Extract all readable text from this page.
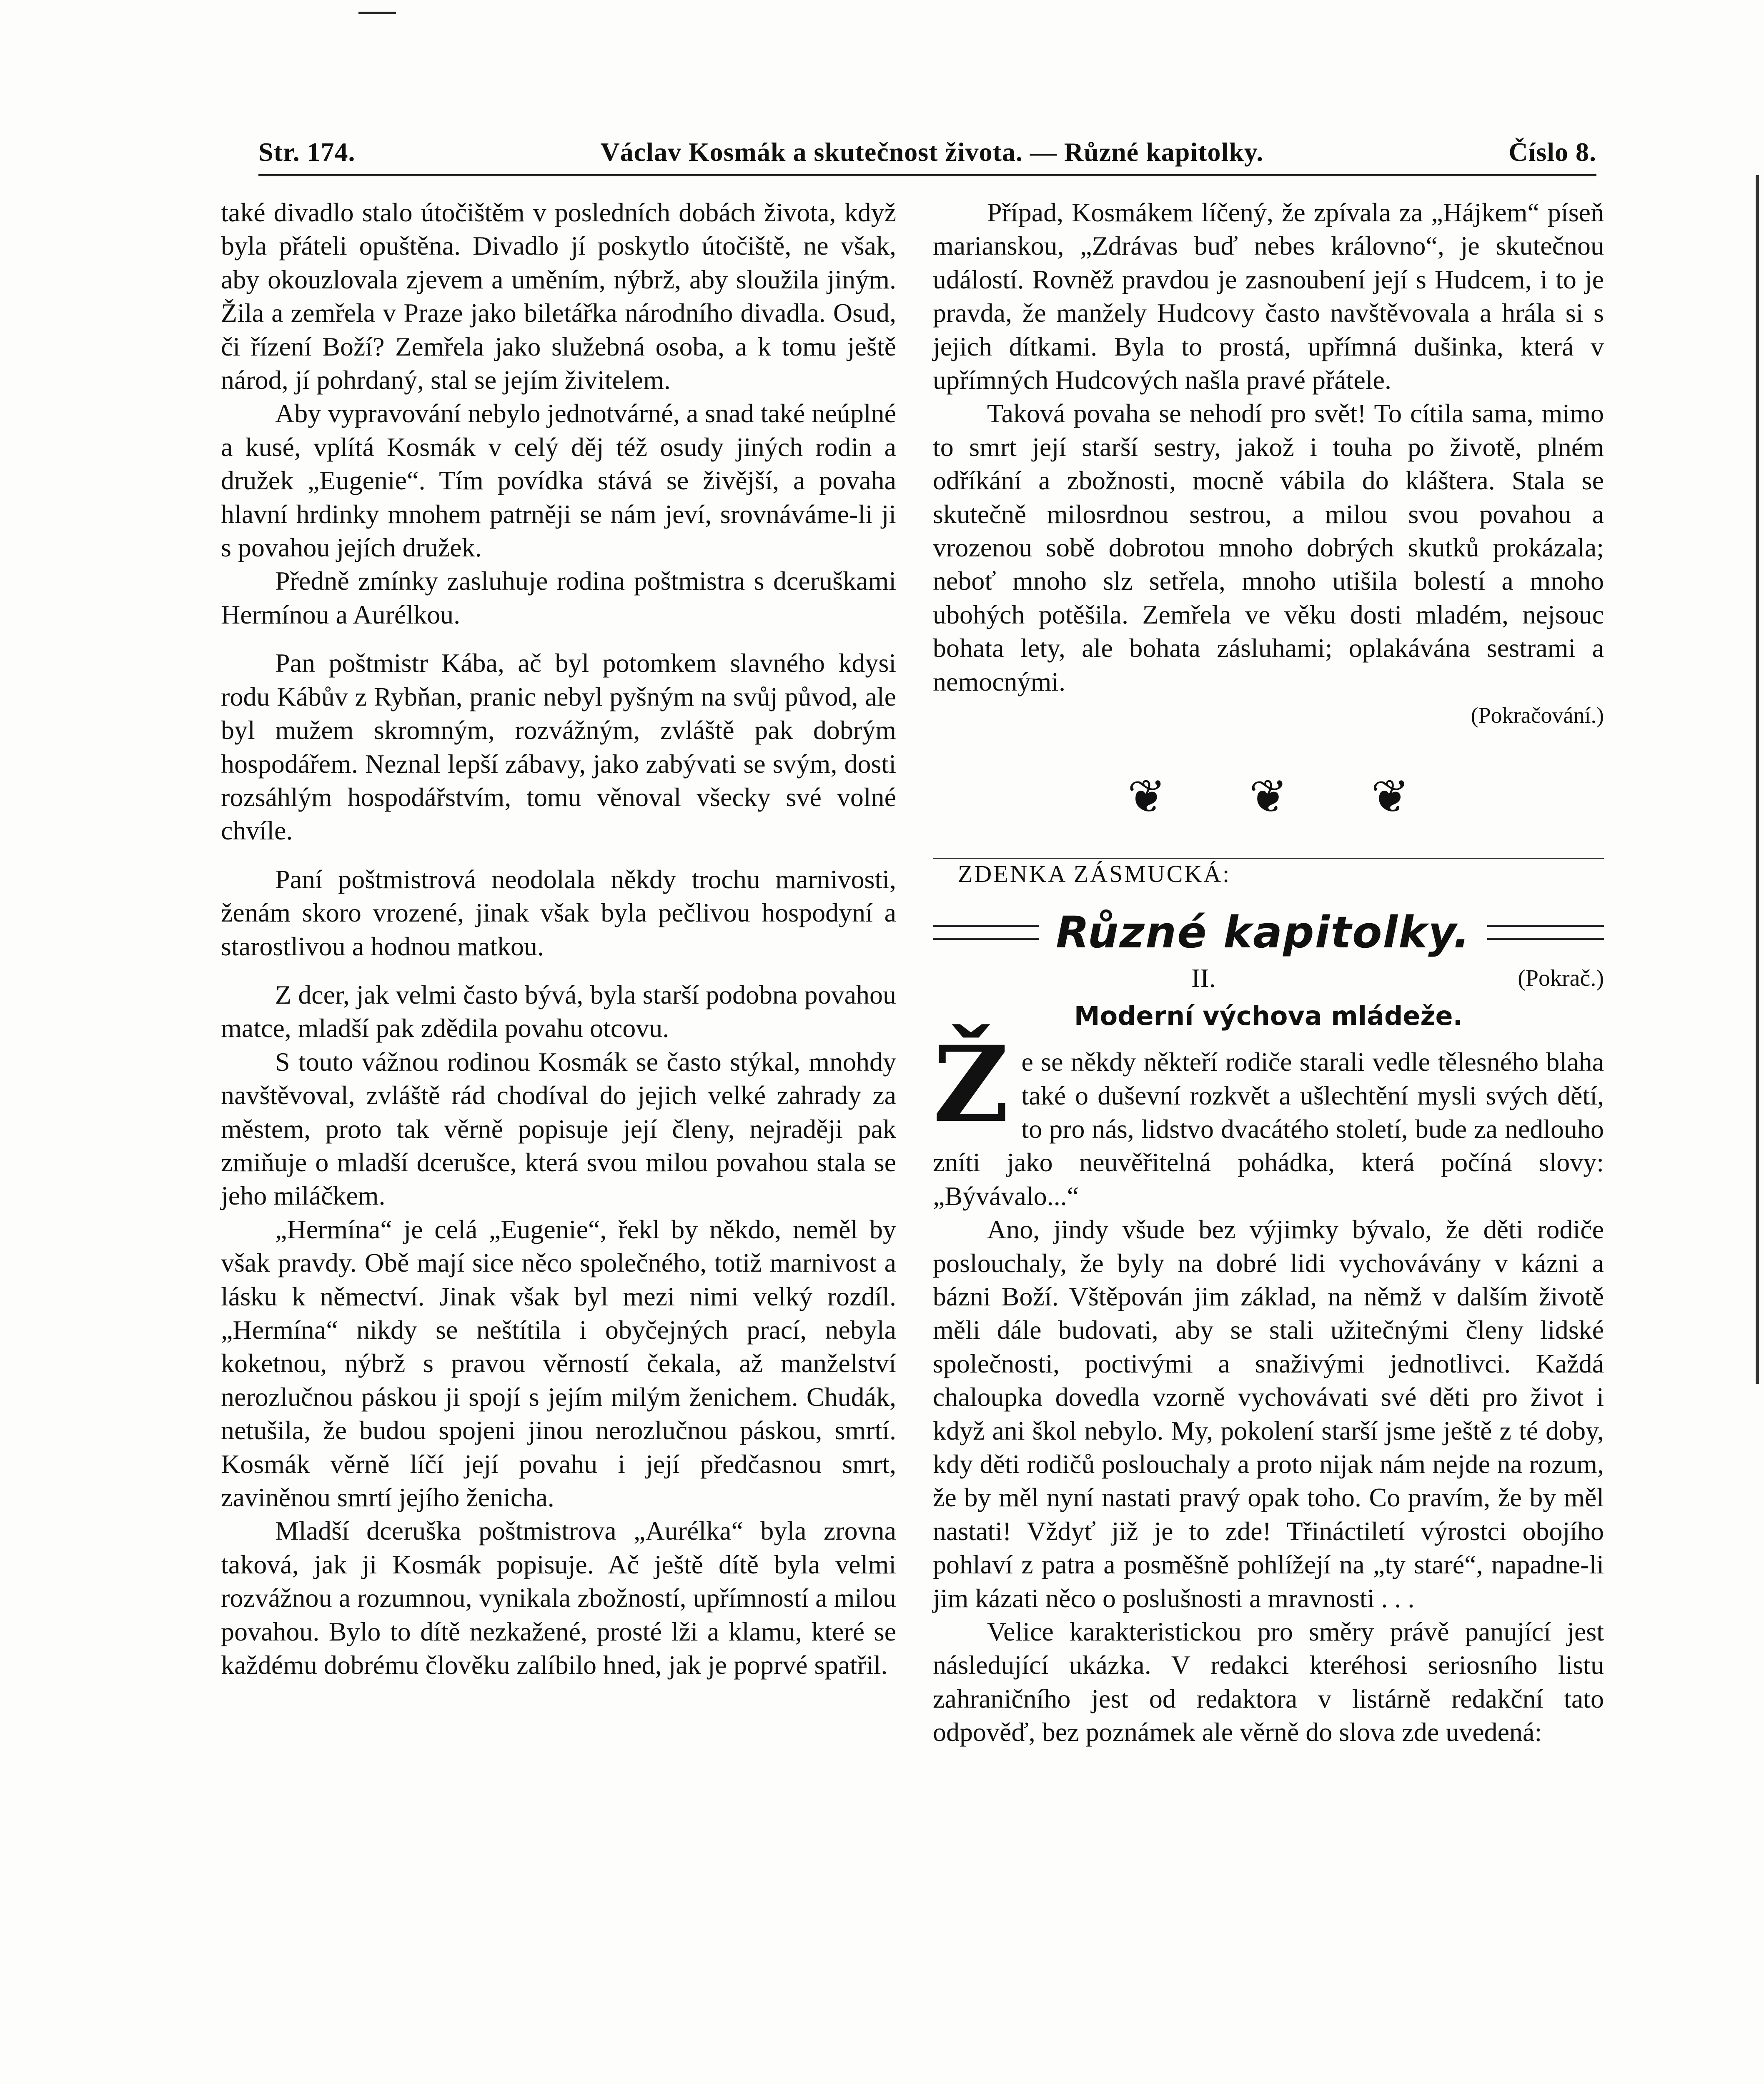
Str. 174.	Václav Kosmák a skutečnost života. — Různé kapitolky.	Číslo 8.

také divadlo stalo útočištěm v posledních dobách života, když byla přáteli opuštěna. Divadlo jí poskytlo útočiště, ne však, aby okouzlovala zjevem a uměním, nýbrž, aby sloužila jiným. Žila a zemřela v Praze jako biletářka národního divadla. Osud, či řízení Boží? Zemřela jako služebná osoba, a k tomu ještě národ, jí pohrdaný, stal se jejím živitelem.

Aby vypravování nebylo jednotvárné, a snad také neúplné a kusé, vplítá Kosmák v celý děj též osudy jiných rodin a družek „Eugenie“. Tím povídka stává se živější, a povaha hlavní hrdinky mnohem patrněji se nám jeví, srovnáváme-li ji s povahou jejích družek.

Předně zmínky zasluhuje rodina poštmistra s dceruškami Hermínou a Aurélkou.

Pan poštmistr Kába, ač byl potomkem slavného kdysi rodu Kábův z Rybňan, pranic nebyl pyšným na svůj původ, ale byl mužem skromným, rozvážným, zvláště pak dobrým hospodářem. Neznal lepší zábavy, jako zabývati se svým, dosti rozsáhlým hospodářstvím, tomu věnoval všecky své volné chvíle.

Paní poštmistrová neodolala někdy trochu marnivosti, ženám skoro vrozené, jinak však byla pečlivou hospodyní a starostlivou a hodnou matkou.

Z dcer, jak velmi často bývá, byla starší podobna povahou matce, mladší pak zdědila povahu otcovu.

S touto vážnou rodinou Kosmák se často stýkal, mnohdy navštěvoval, zvláště rád chodíval do jejich velké zahrady za městem, proto tak věrně popisuje její členy, nejraději pak zmiňuje o mladší dcerušce, která svou milou povahou stala se jeho miláčkem.

„Hermína“ je celá „Eugenie“, řekl by někdo, neměl by však pravdy. Obě mají sice něco společného, totiž marnivost a lásku k němectví. Jinak však byl mezi nimi velký rozdíl. „Hermína“ nikdy se neštítila i obyčejných prací, nebyla koketnou, nýbrž s pravou věrností čekala, až manželství nerozlučnou páskou ji spojí s jejím milým ženichem. Chudák, netušila, že budou spojeni jinou nerozlučnou páskou, smrtí. Kosmák věrně líčí její povahu i její předčasnou smrt, zaviněnou smrtí jejího ženicha.

Mladší dceruška poštmistrova „Aurélka“ byla zrovna taková, jak ji Kosmák popisuje. Ač ještě dítě byla velmi rozvážnou a rozumnou, vynikala zbožností, upřímností a milou povahou. Bylo to dítě nezkažené, prosté lži a klamu, které se každému dobrému člověku zalíbilo hned, jak je poprvé spatřil.

Případ, Kosmákem líčený, že zpívala za „Hájkem“ píseň marianskou, „Zdrávas buď nebes královno“, je skutečnou událostí. Rovněž pravdou je zasnoubení její s Hudcem, i to je pravda, že manžely Hudcovy často navštěvovala a hrála si s jejich dítkami. Byla to prostá, upřímná dušinka, která v upřímných Hudcových našla pravé přátele.

Taková povaha se nehodí pro svět! To cítila sama, mimo to smrt její starší sestry, jakož i touha po životě, plném odříkání a zbožnosti, mocně vábila do kláštera. Stala se skutečně milosrdnou sestrou, a milou svou povahou a vrozenou sobě dobrotou mnoho dobrých skutků prokázala; neboť mnoho slz setřela, mnoho utišila bolestí a mnoho ubohých potěšila. Zemřela ve věku dosti mladém, nejsouc bohata lety, ale bohata zásluhami; oplakávána sestrami a nemocnými.

(Pokračování.)

❦ ❦ ❦
ZDENKA ZÁSMUCKÁ:
Různé kapitolky.
II.	(Pokrač.)
Moderní výchova mládeže.

Že se někdy někteří rodiče starali vedle tělesného blaha také o duševní rozkvět a ušlechtění mysli svých dětí, to pro nás, lidstvo dvacátého století, bude za nedlouho zníti jako neuvěřitelná pohádka, která počíná slovy: „Bývávalo...“

Ano, jindy všude bez výjimky bývalo, že děti rodiče poslouchaly, že byly na dobré lidi vychovávány v kázni a bázni Boží. Vštěpován jim základ, na němž v dalším životě měli dále budovati, aby se stali užitečnými členy lidské společnosti, poctivými a snaživými jednotlivci. Každá chaloupka dovedla vzorně vychovávati své děti pro život i když ani škol nebylo. My, pokolení starší jsme ještě z té doby, kdy děti rodičů poslouchaly a proto nijak nám nejde na rozum, že by měl nyní nastati pravý opak toho. Co pravím, že by měl nastati! Vždyť již je to zde! Třináctiletí výrostci obojího pohlaví z patra a posměšně pohlížejí na „ty staré“, napadne-li jim kázati něco o poslušnosti a mravnosti . . .

Velice karakteristickou pro směry právě panující jest následující ukázka. V redakci kteréhosi seriosního listu zahraničního jest od redaktora v listárně redakční tato odpověď, bez poznámek ale věrně do slova zde uvedená:
